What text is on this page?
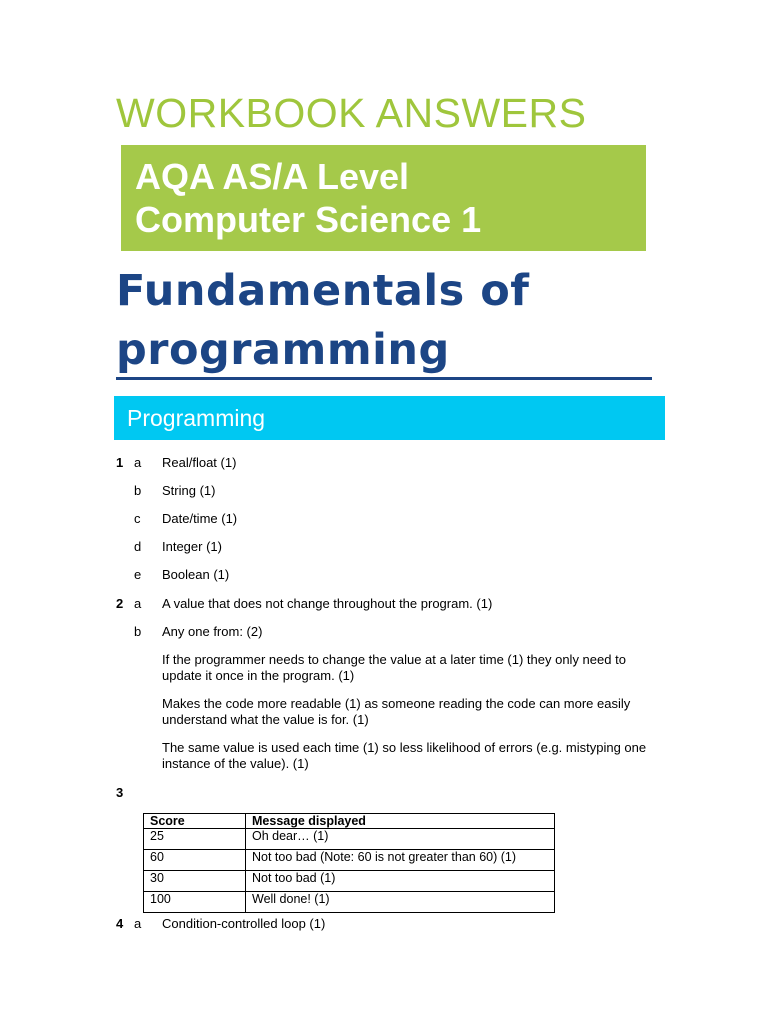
WORKBOOK ANSWERS
AQA AS/A Level
Computer Science 1
Fundamentals of
programming
Programming
1 a Real/float (1)
b String (1)
c Date/time (1)
d Integer (1)
e Boolean (1)
2 a A value that does not change throughout the program. (1)
b Any one from: (2)
If the programmer needs to change the value at a later time (1) they only need to update it once in the program. (1)
Makes the code more readable (1) as someone reading the code can more easily understand what the value is for. (1)
The same value is used each time (1) so less likelihood of errors (e.g. mistyping one instance of the value). (1)
3
Score	Message displayed
25	Oh dear… (1)
60	Not too bad (Note: 60 is not greater than 60) (1)
30	Not too bad (1)
100	Well done! (1)
4 a Condition-controlled loop (1)
